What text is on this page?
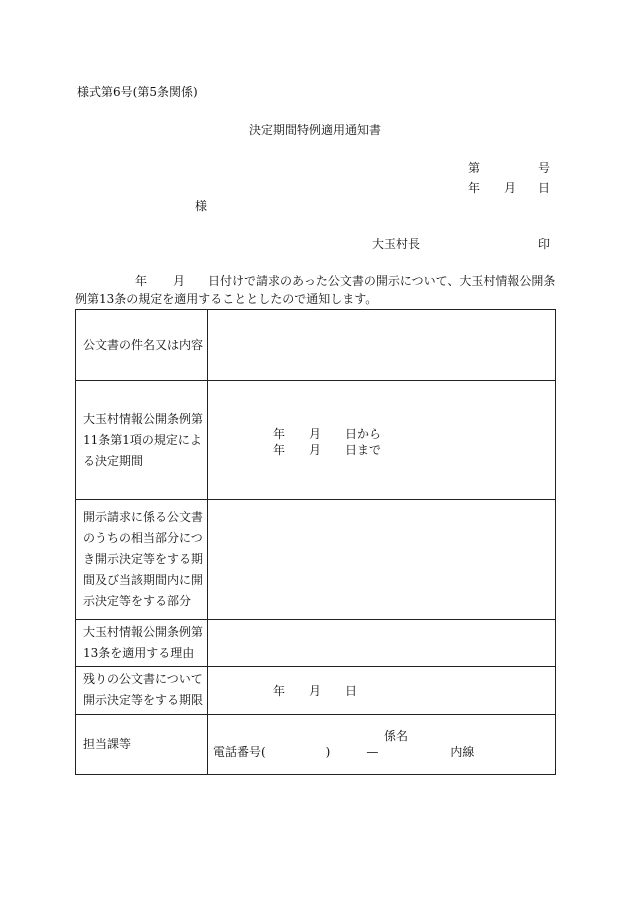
様式第6号(第5条関係)
決定期間特例適用通知書
第	号
年 月 日
様
大玉村長	印
年 月 日付けで請求のあった公文書の開示について、大玉村情報公開条
例第13条の規定を適用することとしたので通知します。
公文書の件名又は内容	
大玉村情報公開条例第11条第1項の規定による決定期間	年　　月　　日から
年　　月　　日まで

開示請求に係る公文書のうちの相当部分につき開示決定等をする期間及び当該期間内に開示決定等をする部分	
大玉村情報公開条例第13条を適用する理由	
残りの公文書について開示決定等をする期限	年　　月　　日

担当課等	係名
電話番号(　　　　　)　　　—　　　　　　内線
